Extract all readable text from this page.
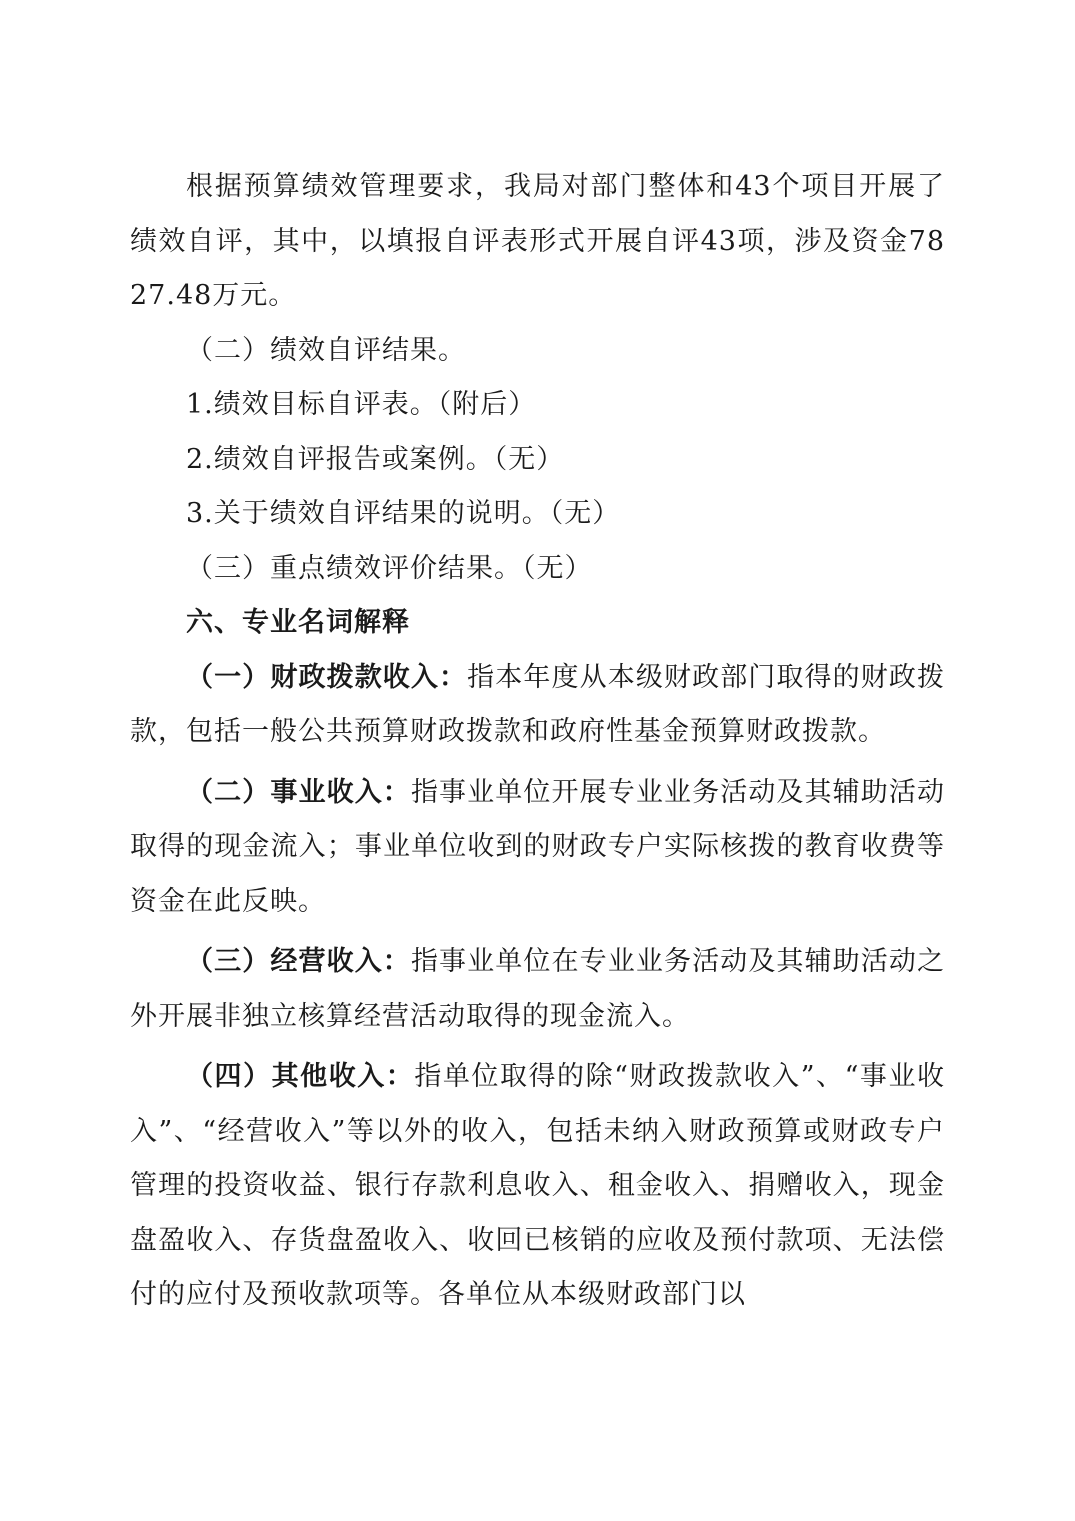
根据预算绩效管理要求，我局对部门整体和43个项目开展了绩效自评，其中，以填报自评表形式开展自评43项，涉及资金7827.48万元。

（二）绩效自评结果。

1.绩效目标自评表。（附后）

2.绩效自评报告或案例。（无）

3.关于绩效自评结果的说明。（无）

（三）重点绩效评价结果。（无）

六、专业名词解释

（一）财政拨款收入：指本年度从本级财政部门取得的财政拨款，包括一般公共预算财政拨款和政府性基金预算财政拨款。

（二）事业收入：指事业单位开展专业业务活动及其辅助活动取得的现金流入；事业单位收到的财政专户实际核拨的教育收费等资金在此反映。

（三）经营收入：指事业单位在专业业务活动及其辅助活动之外开展非独立核算经营活动取得的现金流入。

（四）其他收入：指单位取得的除“财政拨款收入”、“事业收入”、“经营收入”等以外的收入，包括未纳入财政预算或财政专户管理的投资收益、银行存款利息收入、租金收入、捐赠收入，现金盘盈收入、存货盘盈收入、收回已核销的应收及预付款项、无法偿付的应付及预收款项等。各单位从本级财政部门以
